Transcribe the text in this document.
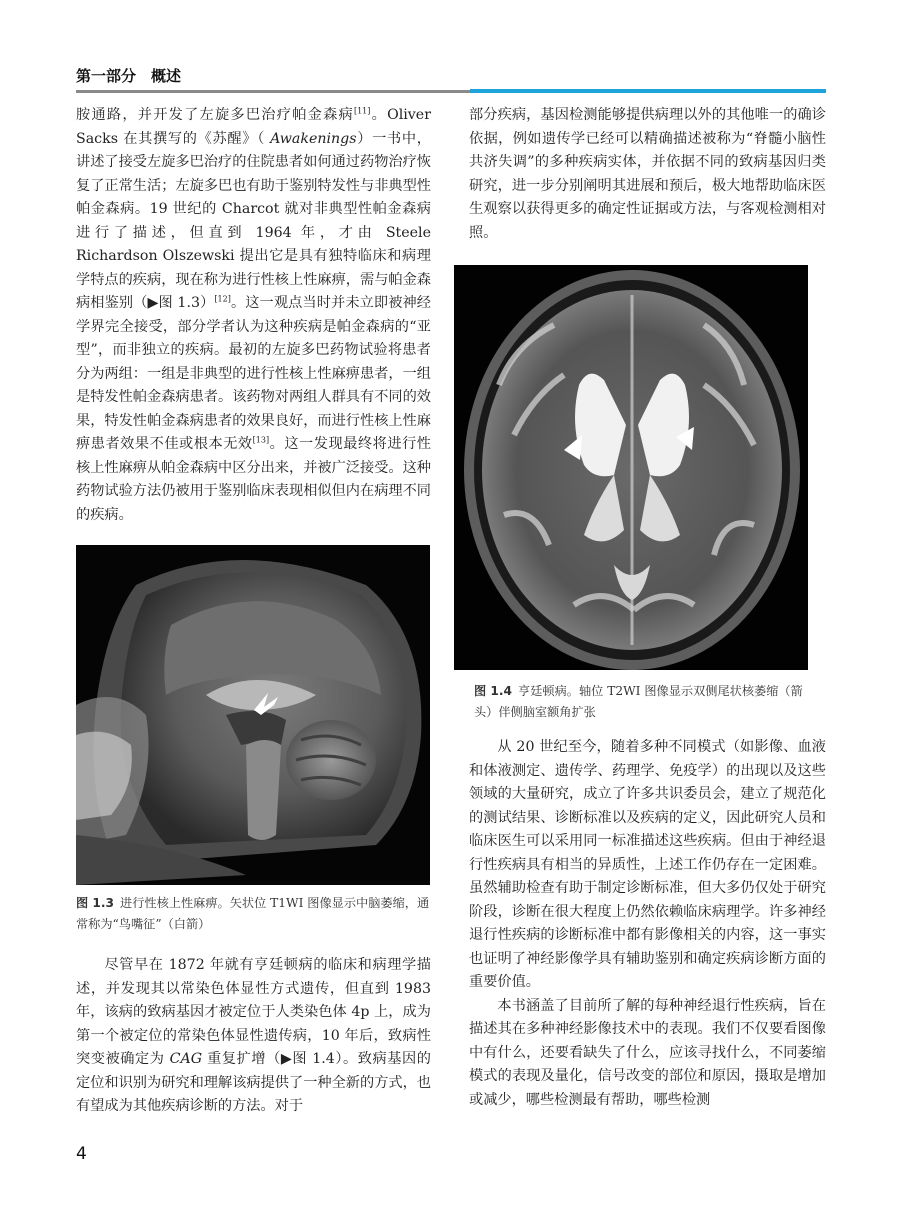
第一部分　概述

胺通路，并开发了左旋多巴治疗帕金森病[11]。Oliver Sacks 在其撰写的《苏醒》（ Awakenings）一书中，讲述了接受左旋多巴治疗的住院患者如何通过药物治疗恢复了正常生活；左旋多巴也有助于鉴别特发性与非典型性帕金森病。19 世纪的 Charcot 就对非典型性帕金森病进行了描述，但直到 1964 年，才由 Steele Richardson Olszewski 提出它是具有独特临床和病理学特点的疾病，现在称为进行性核上性麻痹，需与帕金森病相鉴别（▶图 1.3）[12]。这一观点当时并未立即被神经学界完全接受，部分学者认为这种疾病是帕金森病的“亚型”，而非独立的疾病。最初的左旋多巴药物试验将患者分为两组：一组是非典型的进行性核上性麻痹患者，一组是特发性帕金森病患者。该药物对两组人群具有不同的效果，特发性帕金森病患者的效果良好，而进行性核上性麻痹患者效果不佳或根本无效[13]。这一发现最终将进行性核上性麻痹从帕金森病中区分出来，并被广泛接受。这种药物试验方法仍被用于鉴别临床表现相似但内在病理不同的疾病。

图 1.3 进行性核上性麻痹。矢状位 T1WI 图像显示中脑萎缩，通常称为“鸟嘴征”（白箭）

尽管早在 1872 年就有亨廷顿病的临床和病理学描述，并发现其以常染色体显性方式遗传，但直到 1983 年，该病的致病基因才被定位于人类染色体 4p 上，成为第一个被定位的常染色体显性遗传病，10 年后，致病性突变被确定为 CAG 重复扩增（▶图 1.4）。致病基因的定位和识别为研究和理解该病提供了一种全新的方式，也有望成为其他疾病诊断的方法。对于

部分疾病，基因检测能够提供病理以外的其他唯一的确诊依据，例如遗传学已经可以精确描述被称为“脊髓小脑性共济失调”的多种疾病实体，并依据不同的致病基因归类研究，进一步分别阐明其进展和预后，极大地帮助临床医生观察以获得更多的确定性证据或方法，与客观检测相对照。

图 1.4 亨廷顿病。轴位 T2WI 图像显示双侧尾状核萎缩（箭头）伴侧脑室额角扩张

从 20 世纪至今，随着多种不同模式（如影像、血液和体液测定、遗传学、药理学、免疫学）的出现以及这些领域的大量研究，成立了许多共识委员会，建立了规范化的测试结果、诊断标准以及疾病的定义，因此研究人员和临床医生可以采用同一标准描述这些疾病。但由于神经退行性疾病具有相当的异质性，上述工作仍存在一定困难。虽然辅助检查有助于制定诊断标准，但大多仍仅处于研究阶段，诊断在很大程度上仍然依赖临床病理学。许多神经退行性疾病的诊断标准中都有影像相关的内容，这一事实也证明了神经影像学具有辅助鉴别和确定疾病诊断方面的重要价值。

本书涵盖了目前所了解的每种神经退行性疾病，旨在描述其在多种神经影像技术中的表现。我们不仅要看图像中有什么，还要看缺失了什么，应该寻找什么，不同萎缩模式的表现及量化，信号改变的部位和原因，摄取是增加或减少，哪些检测最有帮助，哪些检测

4
